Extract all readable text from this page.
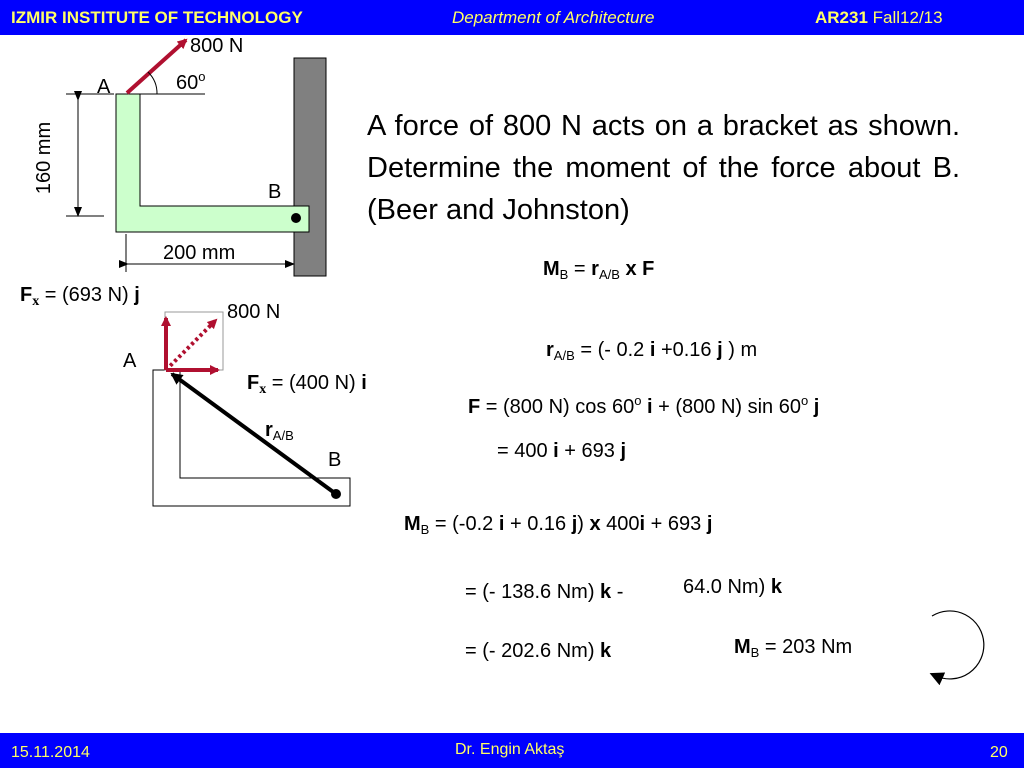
IZMIR INSTITUTE OF TECHNOLOGY	Department of Architecture	AR231 Fall12/13
800 N
60$^o$
A
B
160 mm
200 mm
$F_x = (693$ N) j
800 N
A
$F_x = (400$ N) i
$r_{A/B}$
B
A force of 800 N acts on a bracket as shown. Determine the moment of the force about B. (Beer and Johnston)
$M_B = r_{A/B}$ x F
$r_{A/B}$ = (- 0.2 i +0.16 j ) m
F = (800 N) cos 60$^o$ i + (800 N) sin 60$^o$ j
= 400 i + 693 j
$M_B = (-0.2$ i + 0.16 j) x 400i + 693 j
= (- 138.6 Nm) k -	64.0 Nm) k
= (- 202.6 Nm) k	$M_B = 203$ Nm
15.11.2014	Dr. Engin Aktaş	20
